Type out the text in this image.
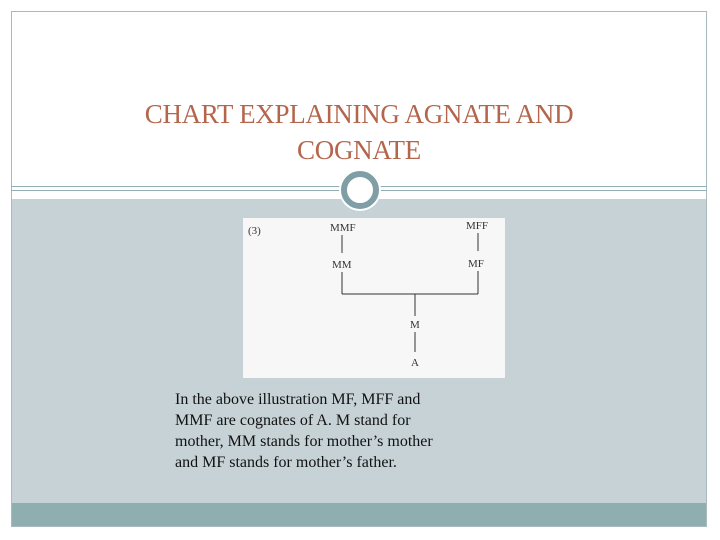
CHART EXPLAINING AGNATE AND
COGNATE
(3)	MMF
MM
MFF
MF
M
A
In the above illustration MF, MFF and
MMF are cognates of A. M stand for
mother, MM stands for mother’s mother
and MF stands for mother’s father.
